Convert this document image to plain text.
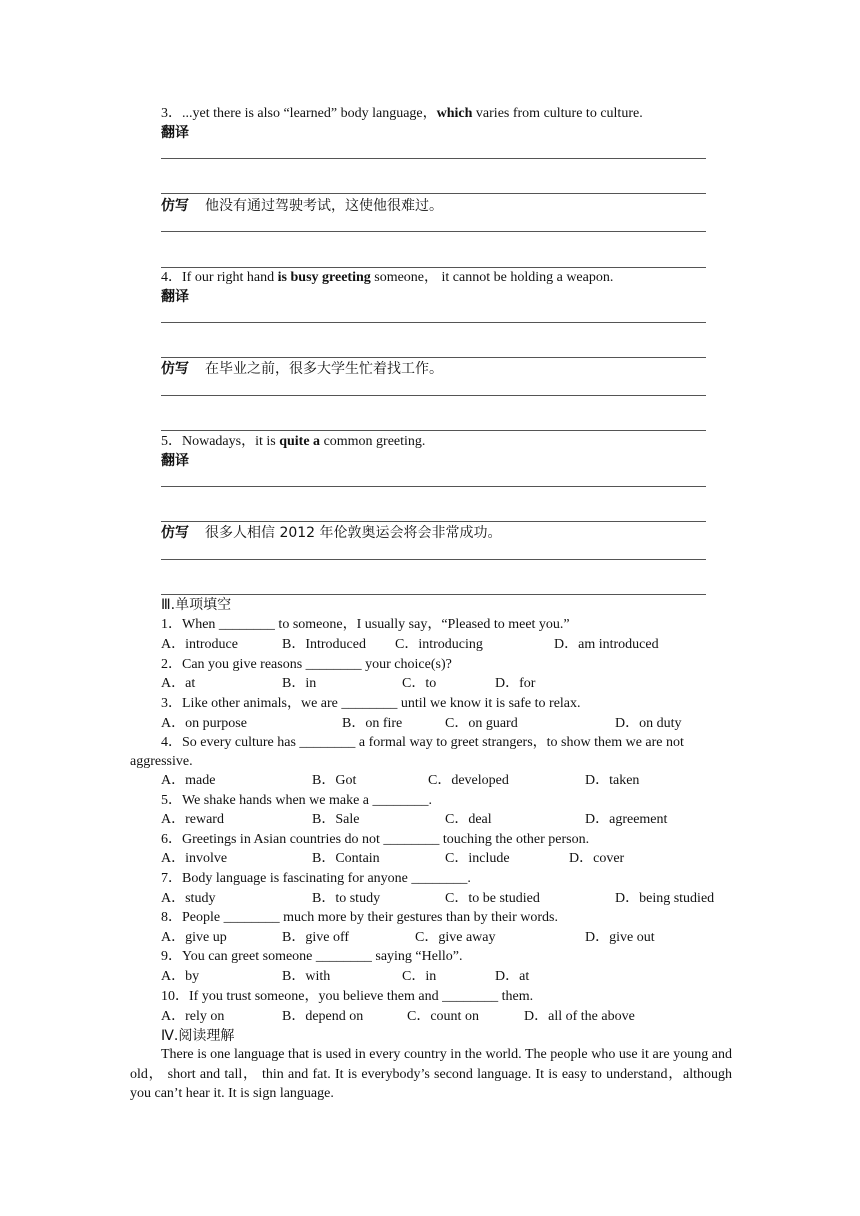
3．...yet there is also “learned” body language，which varies from culture to culture.
翻译
仿写 他没有通过驾驶考试，这使他很难过。
4．If our right hand is busy greeting someone， it cannot be holding a weapon.
翻译
仿写 在毕业之前，很多大学生忙着找工作。
5．Nowadays，it is quite a common greeting.
翻译
仿写 很多人相信 2012 年伦敦奥运会将会非常成功。
Ⅲ.单项填空
1．When ________ to someone，I usually say，“Pleased to meet you.”
A．introduce	B．Introduced C．introducing	D．am introduced
2．Can you give reasons ________ your choice(s)?
A．at	B．in	C．to	D．for
3．Like other animals，we are ________ until we know it is safe to relax.
A．on purpose	B．on fire	C．on guard	D．on duty
4．So every culture has ________ a formal way to greet strangers，to show them we are not
aggressive.
A．made	B．Got	C．developed	D．taken
5．We shake hands when we make a ________.
A．reward	B．Sale	C．deal	D．agreement
6．Greetings in Asian countries do not ________ touching the other person.
A．involve	B．Contain	C．include	D．cover
7．Body language is fascinating for anyone ________.
A．study	B．to study	C．to be studied	D．being studied
8．People ________ much more by their gestures than by their words.
A．give up	B．give off	C．give away	D．give out
9．You can greet someone ________ saying “Hello”.
A．by	B．with	C．in	D．at
10．If you trust someone，you believe them and ________ them.
A．rely on	B．depend on	C．count on	D．all of the above
Ⅳ.阅读理解
There is one language that is used in every country in the world. The people who use it are young and old， short and tall， thin and fat. It is everybody’s second language. It is easy to understand，although you can’t hear it. It is sign language.
